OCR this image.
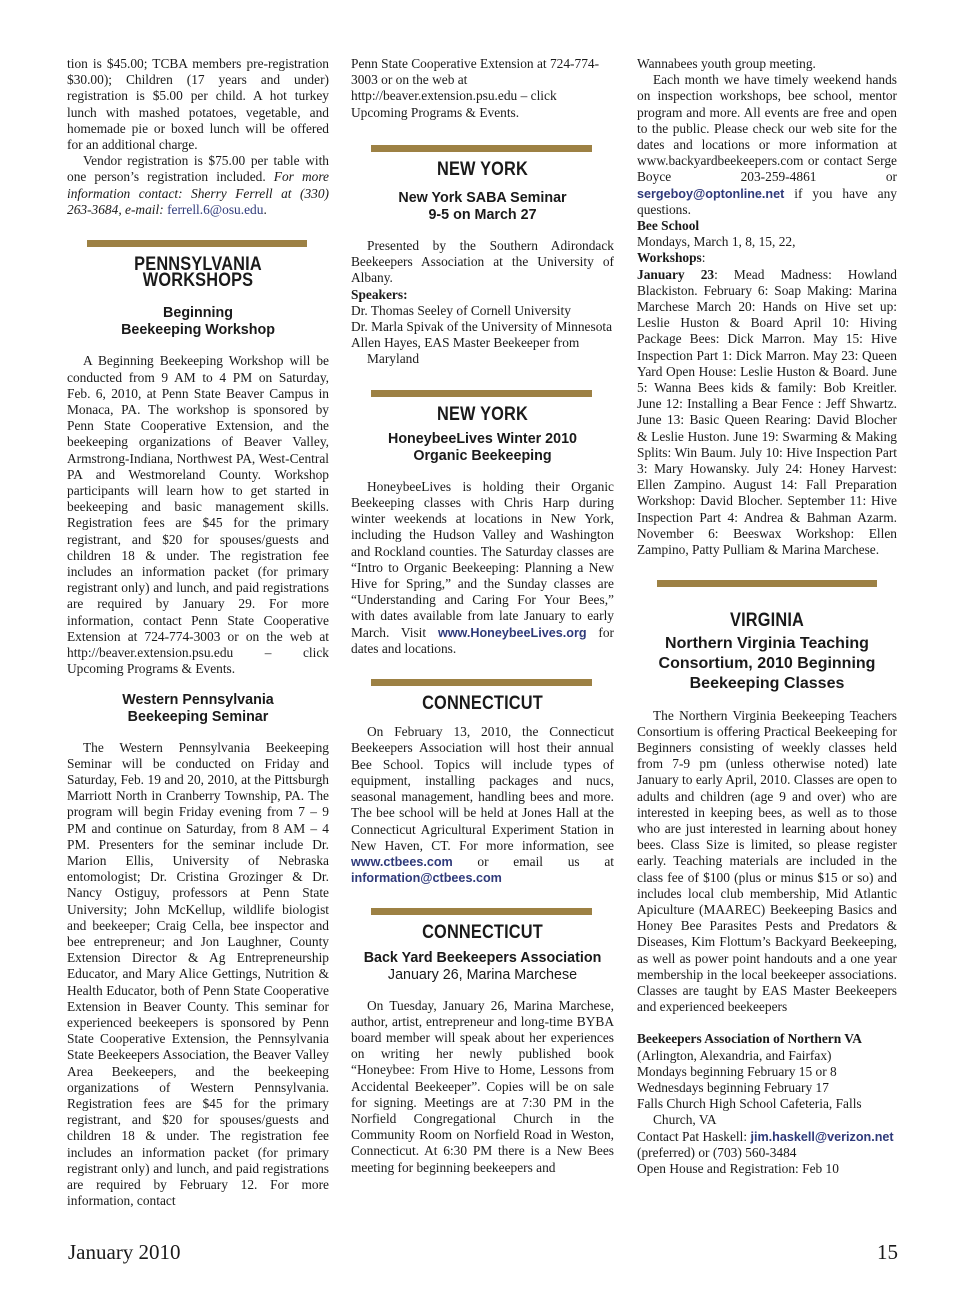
tion is $45.00; TCBA members pre-registration $30.00); Children (17 years and under) registration is $5.00 per child. A hot turkey lunch with mashed potatoes, vegetable, and homemade pie or boxed lunch will be offered for an additional charge.

Vendor registration is $75.00 per table with one person’s registration included. For more information contact: Sherry Ferrell at (330) 263-3684, e-mail: ferrell.6@osu.edu.

PENNSYLVANIA WORKSHOPS
Beginning
Beekeeping Workshop

A Beginning Beekeeping Workshop will be conducted from 9 AM to 4 PM on Saturday, Feb. 6, 2010, at Penn State Beaver Campus in Monaca, PA. The workshop is sponsored by Penn State Cooperative Extension, and the beekeeping organizations of Beaver Valley, Armstrong-Indiana, Northwest PA, West-Central PA and Westmoreland County. Workshop participants will learn how to get started in beekeeping and basic management skills. Registration fees are $45 for the primary registrant, and $20 for spouses/guests and children 18 & under. The registration fee includes an information packet (for primary registrant only) and lunch, and paid registrations are required by January 29. For more information, contact Penn State Cooperative Extension at 724-774-3003 or on the web at http://beaver.extension.psu.edu – click Upcoming Programs & Events.

Western Pennsylvania
Beekeeping Seminar

The Western Pennsylvania Beekeeping Seminar will be conducted on Friday and Saturday, Feb. 19 and 20, 2010, at the Pittsburgh Marriott North in Cranberry Township, PA. The program will begin Friday evening from 7 – 9 PM and continue on Saturday, from 8 AM – 4 PM. Presenters for the seminar include Dr. Marion Ellis, University of Nebraska entomologist; Dr. Cristina Grozinger & Dr. Nancy Ostiguy, professors at Penn State University; John McKellup, wildlife biologist and beekeeper; Craig Cella, bee inspector and bee entrepreneur; and Jon Laughner, County Extension Director & Ag Entrepreneurship Educator, and Mary Alice Gettings, Nutrition & Health Educator, both of Penn State Cooperative Extension in Beaver County. This seminar for experienced beekeepers is sponsored by Penn State Cooperative Extension, the Pennsylvania State Beekeepers Association, the Beaver Valley Area Beekeepers, and the beekeeping organizations of Western Pennsylvania. Registration fees are $45 for the primary registrant, and $20 for spouses/guests and children 18 & under. The registration fee includes an information packet (for primary registrant only) and lunch, and paid registrations are required by February 12. For more information, contact

Penn State Cooperative Extension at 724-774-3003 or on the web at http://beaver.extension.psu.edu – click Upcoming Programs & Events.

NEW YORK
New York SABA Seminar
9-5 on March 27

Presented by the Southern Adirondack Beekeepers Association at the University of Albany.

Speakers:

Dr. Thomas Seeley of Cornell University

Dr. Marla Spivak of the University of Minnesota

Allen Hayes, EAS Master Beekeeper from Maryland

NEW YORK
HoneybeeLives Winter 2010
Organic Beekeeping

HoneybeeLives is holding their Organic Beekeeping classes with Chris Harp during winter weekends at locations in New York, including the Hudson Valley and Washington and Rockland counties. The Saturday classes are “Intro to Organic Beekeeping: Planning a New Hive for Spring,” and the Sunday classes are “Understanding and Caring For Your Bees,” with dates available from late January to early March. Visit www.HoneybeeLives.org for dates and locations.

CONNECTICUT

On February 13, 2010, the Connecticut Beekeepers Association will host their annual Bee School. Topics will include types of equipment, installing packages and nucs, seasonal management, handling bees and more. The bee school will be held at Jones Hall at the Connecticut Agricultural Experiment Station in New Haven, CT. For more information, see www.ctbees.com or email us at information@ctbees.com

CONNECTICUT
Back Yard Beekeepers Association
January 26, Marina Marchese

On Tuesday, January 26, Marina Marchese, author, artist, entrepreneur and long-time BYBA board member will speak about her experiences on writing her newly published book “Honeybee: From Hive to Home, Lessons from Accidental Beekeeper”. Copies will be on sale for signing. Meetings are at 7:30 PM in the Norfield Congregational Church in the Community Room on Norfield Road in Weston, Connecticut. At 6:30 PM there is a New Bees meeting for beginning beekeepers and

Wannabees youth group meeting.

Each month we have timely weekend hands on inspection workshops, bee school, mentor program and more. All events are free and open to the public. Please check our web site for the dates and locations or more information at www.backyardbeekeepers.com or contact Serge Boyce 203-259-4861 or sergeboy@optonline.net if you have any questions.

Bee School

Mondays, March 1, 8, 15, 22,

Workshops:

January 23: Mead Madness: Howland Blackiston. February 6: Soap Making: Marina Marchese March 20: Hands on Hive set up: Leslie Huston & Board April 10: Hiving Package Bees: Dick Marron. May 15: Hive Inspection Part 1: Dick Marron. May 23: Queen Yard Open House: Leslie Huston & Board. June 5: Wanna Bees kids & family: Bob Kreitler. June 12: Installing a Bear Fence : Jeff Shwartz. June 13: Basic Queen Rearing: David Blocher & Leslie Huston. June 19: Swarming & Making Splits: Win Baum. July 10: Hive Inspection Part 3: Mary Howansky. July 24: Honey Harvest: Ellen Zampino. August 14: Fall Preparation Workshop: David Blocher. September 11: Hive Inspection Part 4: Andrea & Bahman Azarm. November 6: Beeswax Workshop: Ellen Zampino, Patty Pulliam & Marina Marchese.

VIRGINIA
Northern Virginia Teaching
Consortium, 2010 Beginning
Beekeeping Classes

The Northern Virginia Beekeeping Teachers Consortium is offering Practical Beekeeping for Beginners consisting of weekly classes held from 7-9 pm (unless otherwise noted) late January to early April, 2010. Classes are open to adults and children (age 9 and over) who are interested in keeping bees, as well as to those who are just interested in learning about honey bees. Class Size is limited, so please register early. Teaching materials are included in the class fee of $100 (plus or minus $15 or so) and includes local club membership, Mid Atlantic Apiculture (MAAREC) Beekeeping Basics and Honey Bee Parasites Pests and Predators & Diseases, Kim Flottum’s Backyard Beekeeping, as well as power point handouts and a one year membership in the local beekeeper associations. Classes are taught by EAS Master Beekeepers and experienced beekeepers

Beekeepers Association of Northern VA

(Arlington, Alexandria, and Fairfax)

Mondays beginning February 15 or 8

Wednesdays beginning February 17

Falls Church High School Cafeteria, Falls Church, VA

Contact Pat Haskell: jim.haskell@verizon.net (preferred) or (703) 560-3484

Open House and Registration: Feb 10

January 2010	15
